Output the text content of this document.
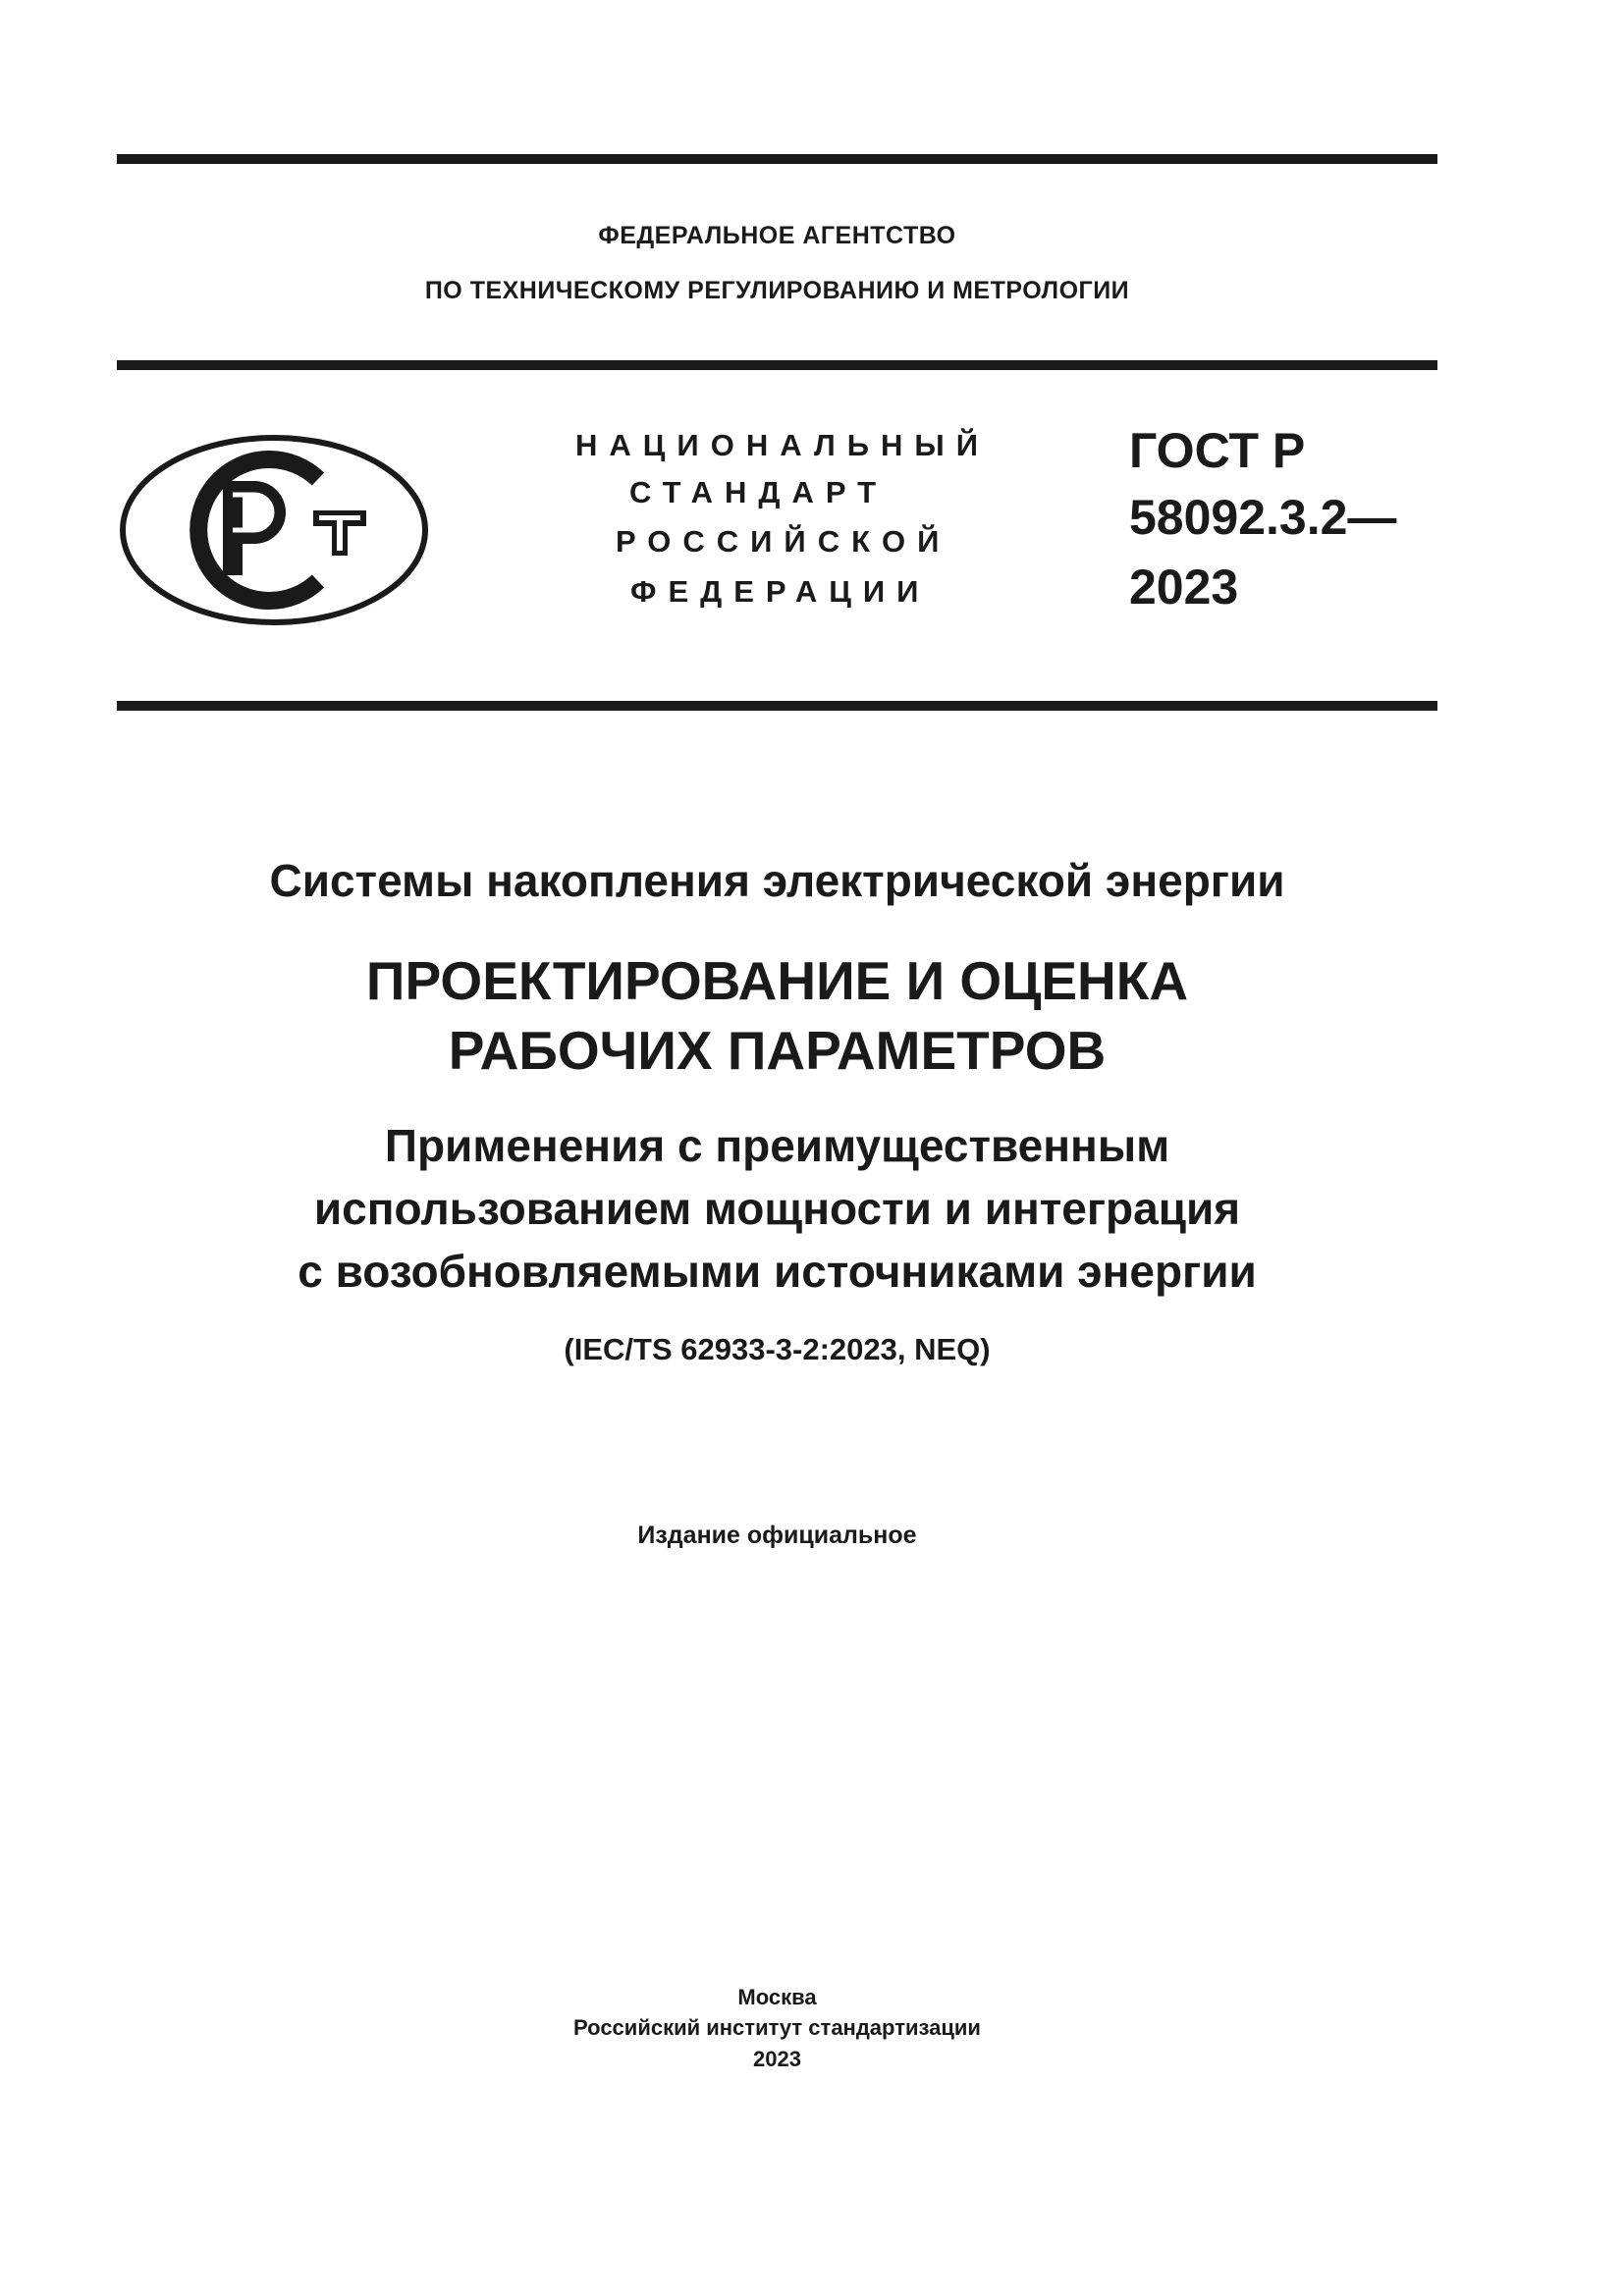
ФЕДЕРАЛЬНОЕ АГЕНТСТВО
ПО ТЕХНИЧЕСКОМУ РЕГУЛИРОВАНИЮ И МЕТРОЛОГИИ
НАЦИОНАЛЬНЫЙ
СТАНДАРТ
РОССИЙСКОЙ
ФЕДЕРАЦИИ
ГОСТ Р
58092.3.2—
2023
Системы накопления электрической энергии
ПРОЕКТИРОВАНИЕ И ОЦЕНКА
РАБОЧИХ ПАРАМЕТРОВ
Применения с преимущественным
использованием мощности и интеграция
с возобновляемыми источниками энергии
(IEC/TS 62933-3-2:2023, NEQ)
Издание официальное
Москва
Российский институт стандартизации
2023
